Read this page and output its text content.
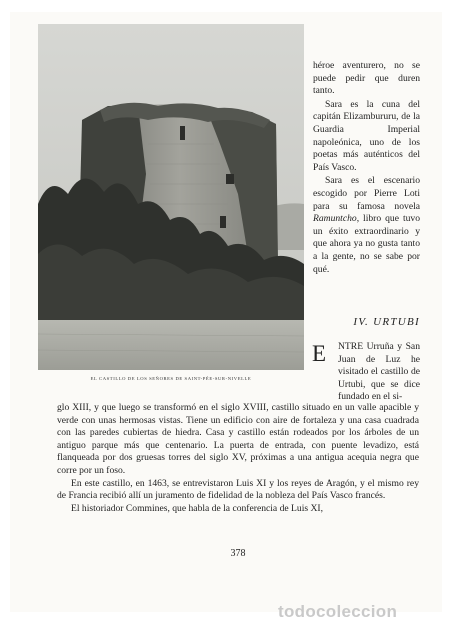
EL CASTILLO DE LOS SEÑORES DE SAINT-PÉE-SUR-NIVELLE

héroe aventurero, no se puede pedir que duren tanto.

Sara es la cuna del capitán Elizambururu, de la Guardia Imperial napoleónica, uno de los poetas más auténticos del País Vasco.

Sara es el escenario escogido por Pierre Loti para su famosa novela Ramuntcho, libro que tuvo un éxito extraordinario y que ahora ya no gusta tanto a la gente, no se sabe por qué.

IV. URTUBI
E NTRE Urruña y San Juan de Luz he visitado el castillo de Urtubi, que se dice fundado en el si-

glo XIII, y que luego se transformó en el siglo XVIII, castillo situado en un valle apacible y verde con unas hermosas vistas. Tiene un edificio con aire de fortaleza y una casa cuadrada con las paredes cubiertas de hiedra. Casa y castillo están rodeados por los árboles de un antiguo parque más que centenario. La puerta de entrada, con puente levadizo, está flanqueada por dos gruesas torres del siglo XV, próximas a una antigua acequia negra que corre por un foso.

En este castillo, en 1463, se entrevistaron Luis XI y los reyes de Aragón, y el mismo rey de Francia recibió allí un juramento de fidelidad de la nobleza del País Vasco francés.

El historiador Commines, que habla de la conferencia de Luis XI,

378
todocoleccion
